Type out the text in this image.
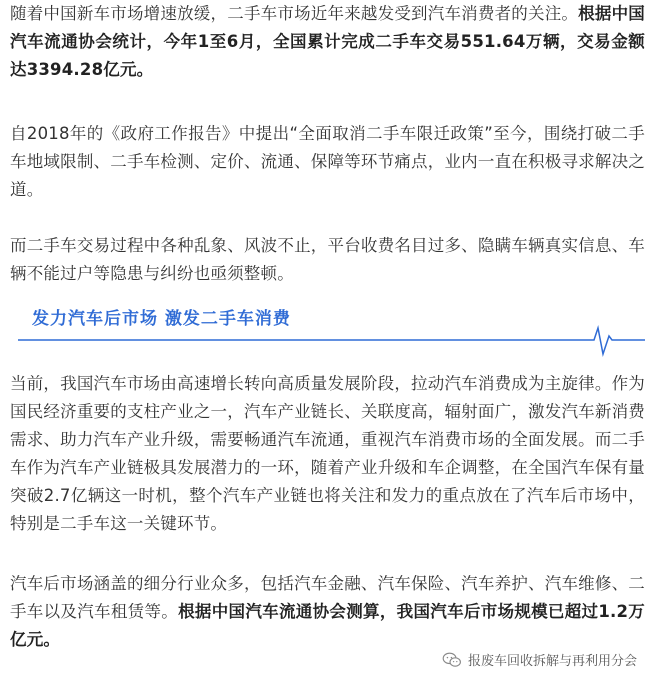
随着中国新车市场增速放缓，二手车市场近年来越发受到汽车消费者的关注。根据中国汽车流通协会统计，今年1至6月，全国累计完成二手车交易551.64万辆，交易金额达3394.28亿元。

自2018年的《政府工作报告》中提出“全面取消二手车限迁政策”至今，围绕打破二手车地域限制、二手车检测、定价、流通、保障等环节痛点，业内一直在积极寻求解决之道。

而二手车交易过程中各种乱象、风波不止，平台收费名目过多、隐瞒车辆真实信息、车辆不能过户等隐患与纠纷也亟须整顿。

发力汽车后市场 激发二手车消费

当前，我国汽车市场由高速增长转向高质量发展阶段，拉动汽车消费成为主旋律。作为国民经济重要的支柱产业之一，汽车产业链长、关联度高，辐射面广，激发汽车新消费需求、助力汽车产业升级，需要畅通汽车流通，重视汽车消费市场的全面发展。而二手车作为汽车产业链极具发展潜力的一环，随着产业升级和车企调整，在全国汽车保有量突破2.7亿辆这一时机，整个汽车产业链也将关注和发力的重点放在了汽车后市场中，特别是二手车这一关键环节。

汽车后市场涵盖的细分行业众多，包括汽车金融、汽车保险、汽车养护、汽车维修、二手车以及汽车租赁等。根据中国汽车流通协会测算，我国汽车后市场规模已超过1.2万亿元。

报废车回收拆解与再利用分会
